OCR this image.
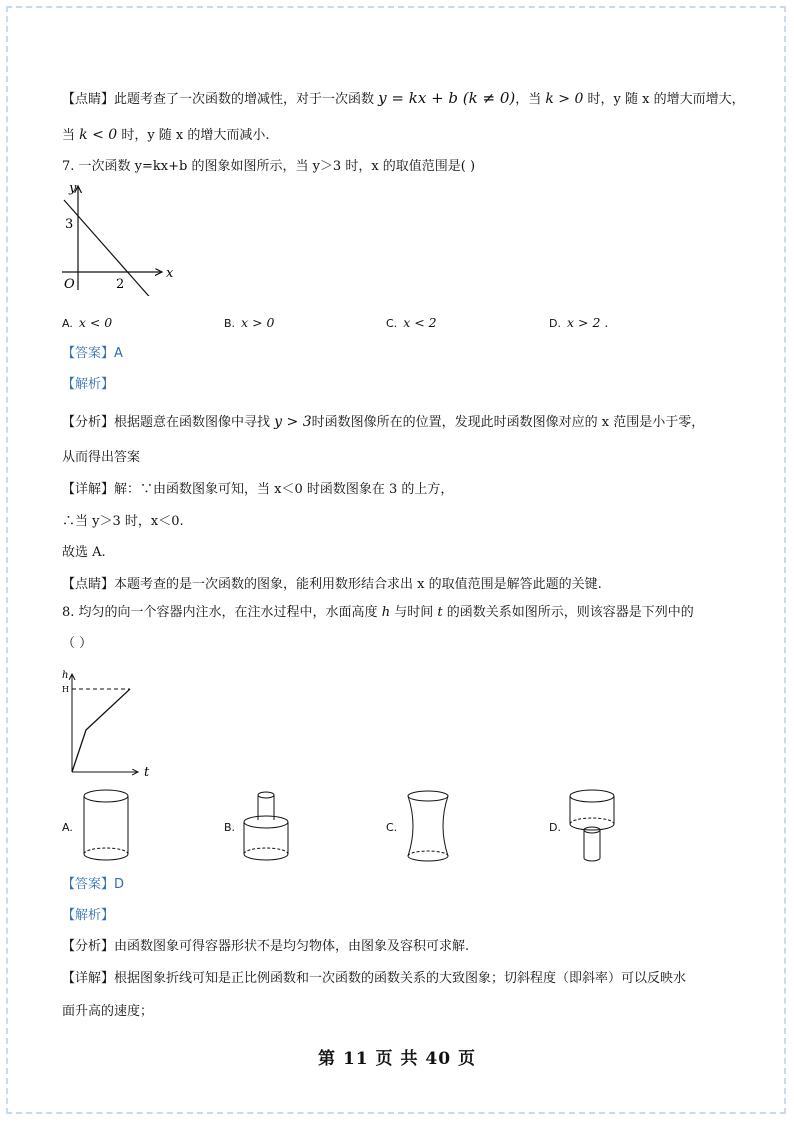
【点睛】此题考查了一次函数的增减性，对于一次函数 y = kx + b (k ≠ 0)，当 k > 0 时，y 随 x 的增大而增大，
当 k < 0 时，y 随 x 的增大而减小.
7. 一次函数 y=kx+b 的图象如图所示，当 y＞3 时，x 的取值范围是( )
y
x
3
2
O
A. x < 0	B. x > 0	C. x < 2	D. x > 2 .
【答案】A
【解析】
【分析】根据题意在函数图像中寻找 y > 3时函数图像所在的位置，发现此时函数图像对应的 x 范围是小于零，
从而得出答案
【详解】解：∵由函数图象可知，当 x＜0 时函数图象在 3 的上方，
∴当 y＞3 时，x＜0.
故选 A.
【点睛】本题考查的是一次函数的图象，能利用数形结合求出 x 的取值范围是解答此题的关键.
8. 均匀的向一个容器内注水，在注水过程中，水面高度 h 与时间 t 的函数关系如图所示，则该容器是下列中的
（ ）
h
H
t
A.	B.	C.	D.
【答案】D
【解析】
【分析】由函数图象可得容器形状不是均匀物体，由图象及容积可求解.
【详解】根据图象折线可知是正比例函数和一次函数的函数关系的大致图象；切斜程度（即斜率）可以反映水
面升高的速度；
第 11 页 共 40 页
